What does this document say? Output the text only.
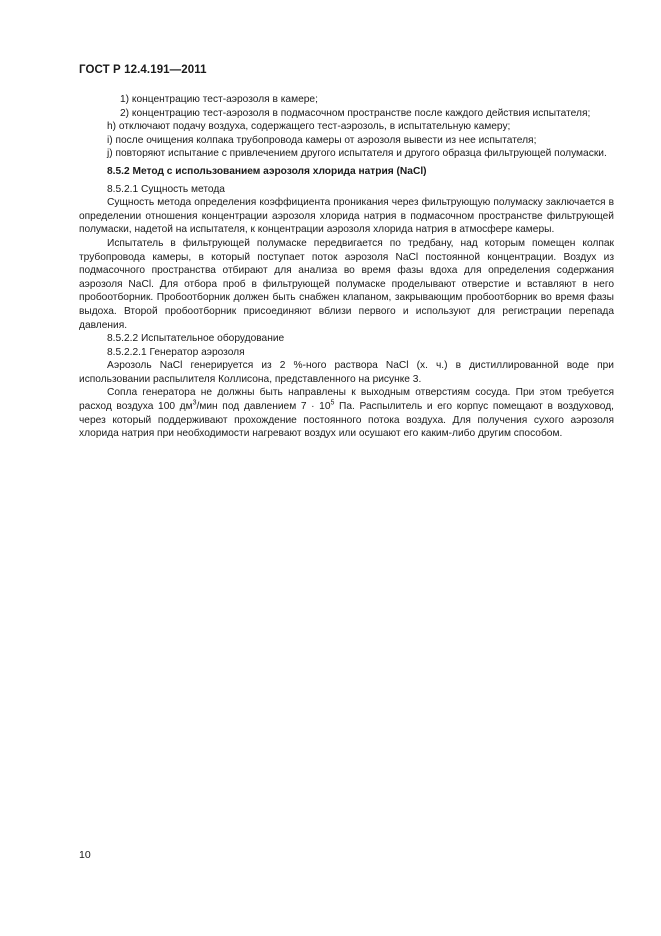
ГОСТ Р 12.4.191—2011

1) концентрацию тест-аэрозоля в камере;

2) концентрацию тест-аэрозоля в подмасочном пространстве после каждого действия испытателя;

h) отключают подачу воздуха, содержащего тест-аэрозоль, в испытательную камеру;

i) после очищения колпака трубопровода камеры от аэрозоля вывести из нее испытателя;

j) повторяют испытание с привлечением другого испытателя и другого образца фильтрующей полумаски.

8.5.2 Метод с использованием аэрозоля хлорида натрия (NaCl)

8.5.2.1 Сущность метода

Сущность метода определения коэффициента проникания через фильтрующую полумаску заключается в определении отношения концентрации аэрозоля хлорида натрия в подмасочном пространстве фильтрующей полумаски, надетой на испытателя, к концентрации аэрозоля хлорида натрия в атмосфере камеры.

Испытатель в фильтрующей полумаске передвигается по тредбану, над которым помещен колпак трубопровода камеры, в который поступает поток аэрозоля NaCl постоянной концентрации. Воздух из подмасочного пространства отбирают для анализа во время фазы вдоха для определения содержания аэрозоля NaCl. Для отбора проб в фильтрующей полумаске проделывают отверстие и вставляют в него пробоотборник. Пробоотборник должен быть снабжен клапаном, закрывающим пробоотборник во время фазы выдоха. Второй пробоотборник присоединяют вблизи первого и используют для регистрации перепада давления.

8.5.2.2 Испытательное оборудование

8.5.2.2.1 Генератор аэрозоля

Аэрозоль NaCl генерируется из 2 %-ного раствора NaCl (х. ч.) в дистиллированной воде при использовании распылителя Коллисона, представленного на рисунке 3.

Сопла генератора не должны быть направлены к выходным отверстиям сосуда. При этом требуется расход воздуха 100 $дм^3$/мин под давлением $7 \cdot 10^5$ Па. Распылитель и его корпус помещают в воздуховод, через который поддерживают прохождение постоянного потока воздуха. Для получения сухого аэрозоля хлорида натрия при необходимости нагревают воздух или осушают его каким-либо другим способом.

10
